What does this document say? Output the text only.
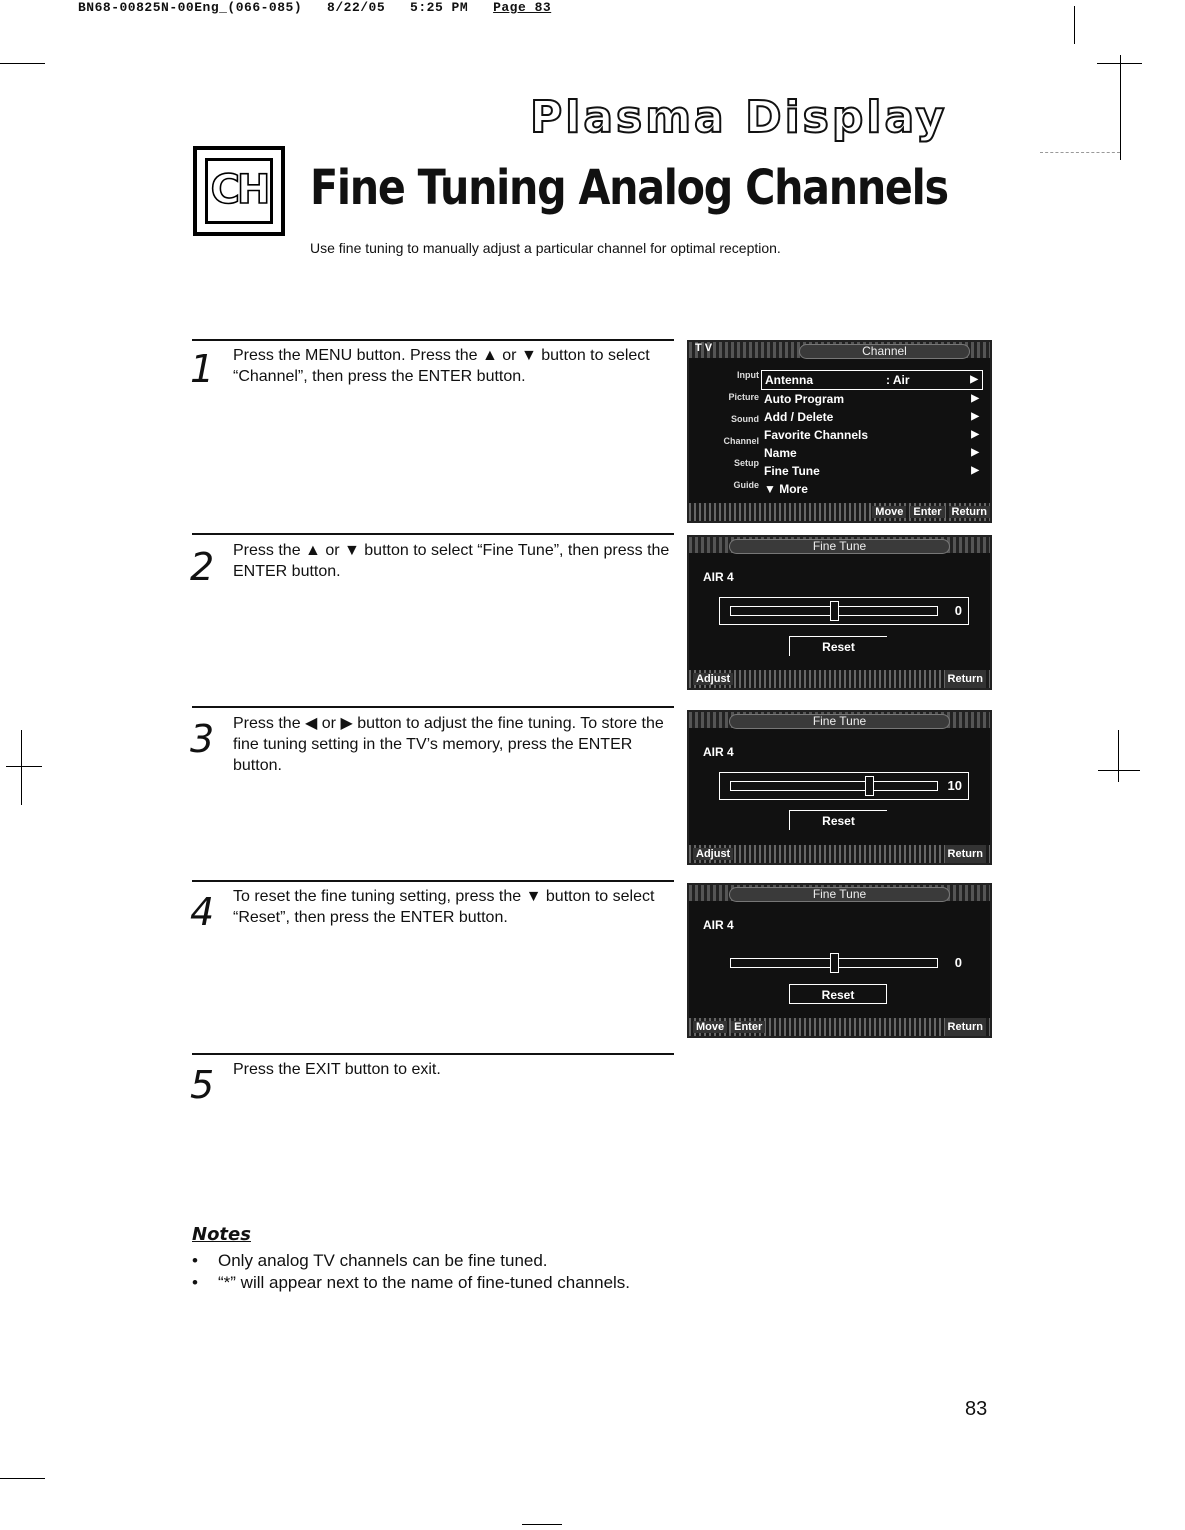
BN68-00825N-00Eng_(066-085)   8/22/05   5:25 PM   Page 83
Plasma Display
CH Fine Tuning Analog Channels
Use fine tuning to manually adjust a particular channel for optimal reception.
1 Press the MENU button. Press the ▲ or ▼ button to select “Channel”, then press the ENTER button.
2 Press the ▲ or ▼ button to select “Fine Tune”, then press the ENTER button.
3 Press the ◀ or ▶ button to adjust the fine tuning. To store the fine tuning setting in the TV’s memory, press the ENTER button.
4 To reset the fine tuning setting, press the ▼ button to select “Reset”, then press the ENTER button.
5 Press the EXIT button to exit.
T V	Channel
Input
Picture
Sound
Channel
Setup
Guide
Antenna	: Air	▶
Auto Program	▶
Add / Delete	▶
Favorite Channels	▶
Name	▶
Fine Tune	▶
▼ More
Move Enter Return
Fine Tune
AIR 4
0
Reset
Adjust	Return
Fine Tune
AIR 4
10
Reset
Adjust	Return
Fine Tune
AIR 4
0
Reset
Move Enter	Return
Notes
• Only analog TV channels can be fine tuned.
• “*” will appear next to the name of fine-tuned channels.
83
